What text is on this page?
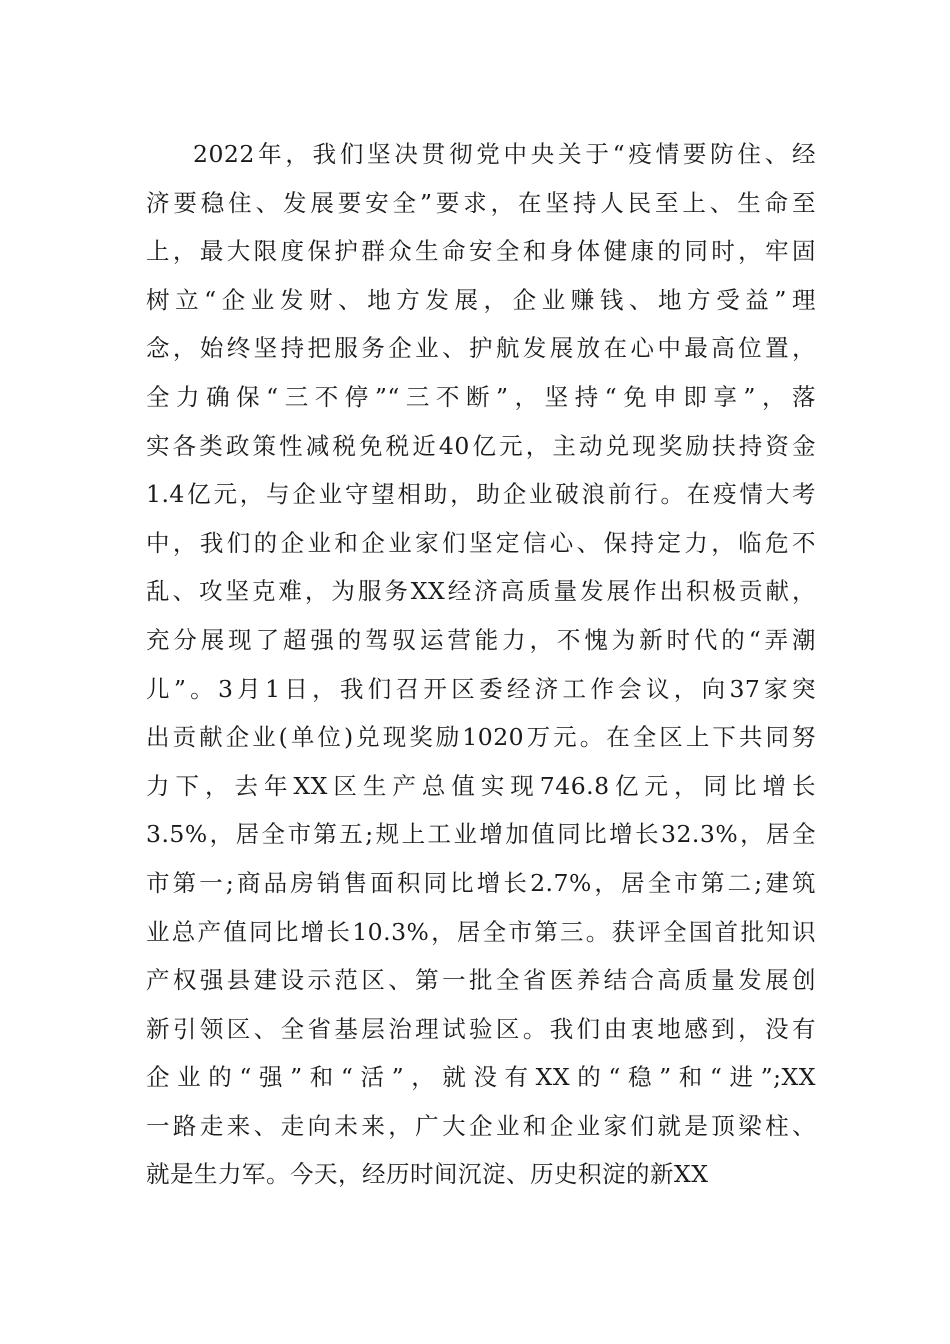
2022年，我们坚决贯彻党中央关于“疫情要防住、经
济要稳住、发展要安全”要求，在坚持人民至上、生命至
上，最大限度保护群众生命安全和身体健康的同时，牢固
树立“企业发财、地方发展，企业赚钱、地方受益”理
念，始终坚持把服务企业、护航发展放在心中最高位置，
全力确保“三不停”“三不断”，坚持“免申即享”，落
实各类政策性减税免税近40亿元，主动兑现奖励扶持资金
1.4亿元，与企业守望相助，助企业破浪前行。在疫情大考
中，我们的企业和企业家们坚定信心、保持定力，临危不
乱、攻坚克难，为服务XX经济高质量发展作出积极贡献，
充分展现了超强的驾驭运营能力，不愧为新时代的“弄潮
儿”。3月1日，我们召开区委经济工作会议，向37家突
出贡献企业(单位)兑现奖励1020万元。在全区上下共同努
力下，去年XX区生产总值实现746.8亿元，同比增长
3.5%，居全市第五;规上工业增加值同比增长32.3%，居全
市第一;商品房销售面积同比增长2.7%，居全市第二;建筑
业总产值同比增长10.3%，居全市第三。获评全国首批知识
产权强县建设示范区、第一批全省医养结合高质量发展创
新引领区、全省基层治理试验区。我们由衷地感到，没有
企业的“强”和“活”，就没有XX的“稳”和“进”;XX
一路走来、走向未来，广大企业和企业家们就是顶梁柱、
就是生力军。今天，经历时间沉淀、历史积淀的新XX
